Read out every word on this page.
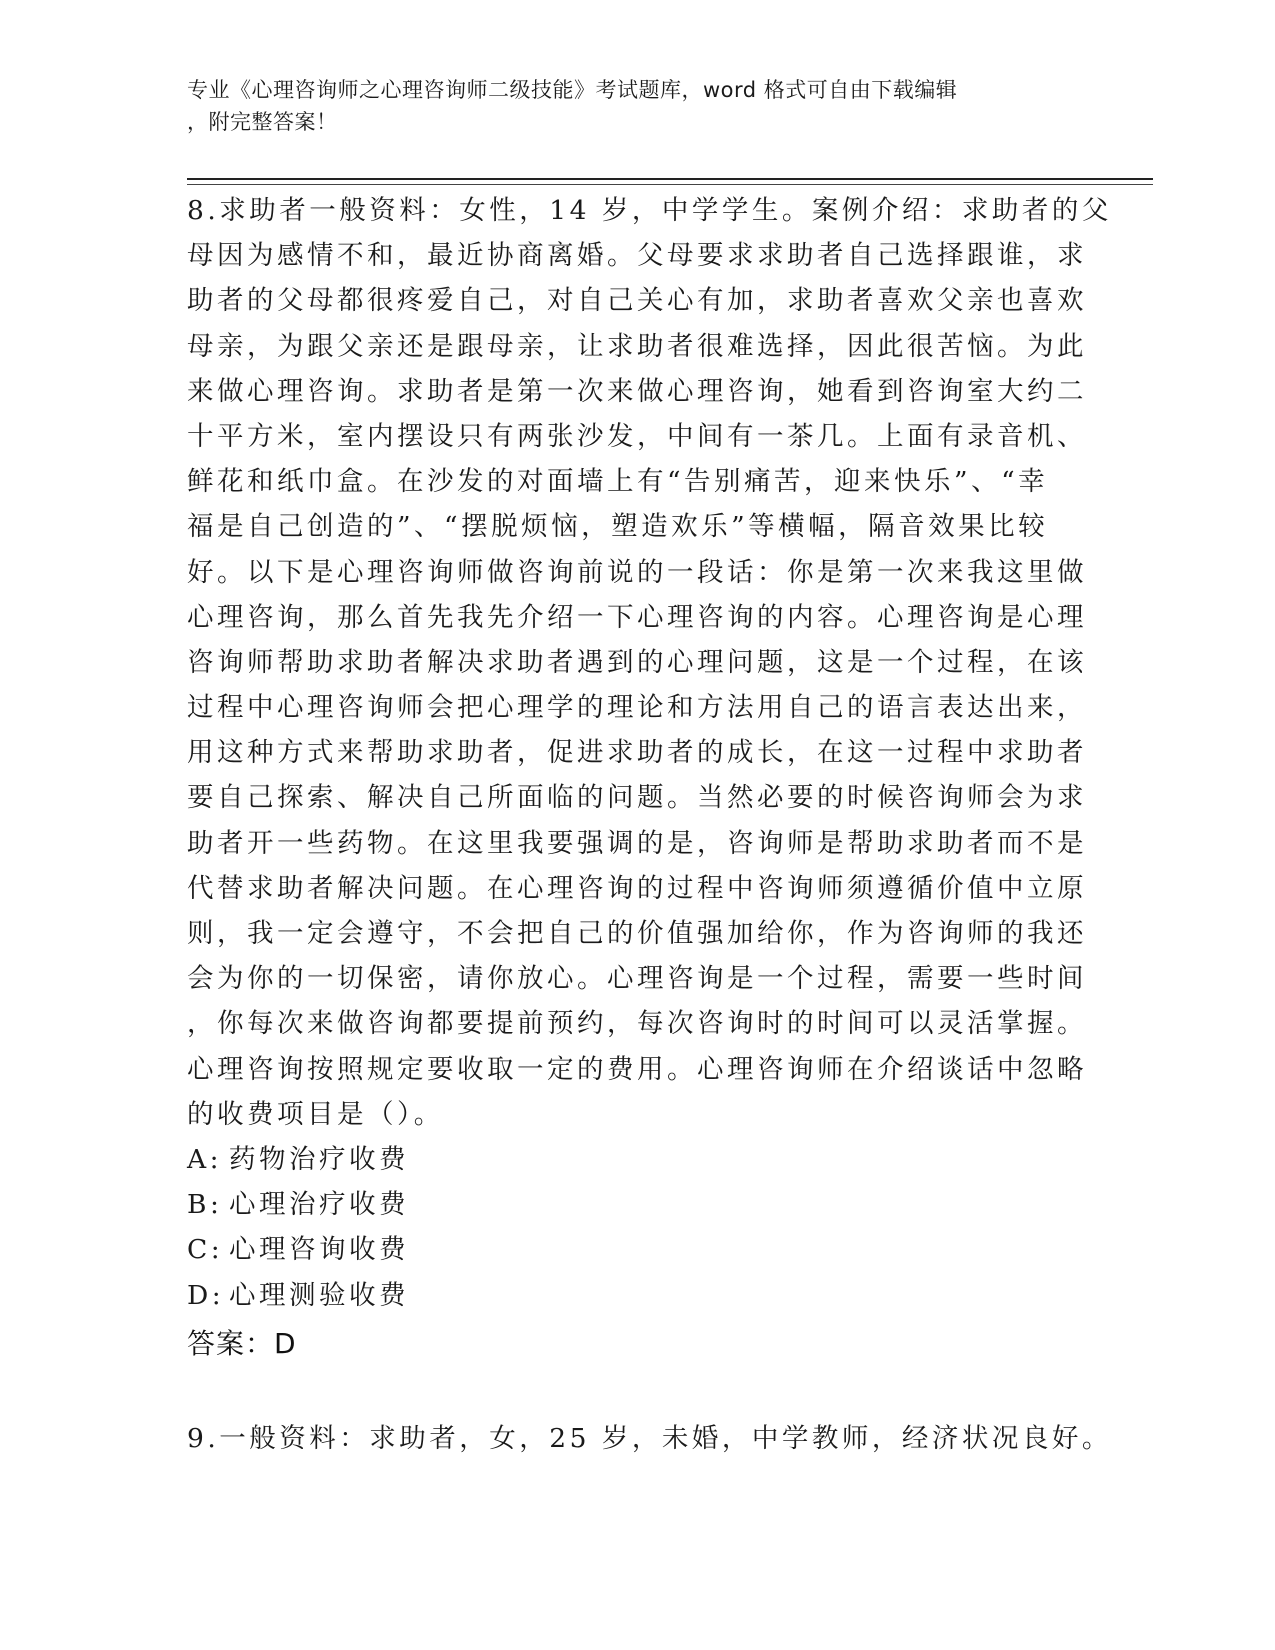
专业《心理咨询师之心理咨询师二级技能》考试题库，word 格式可自由下载编辑
，附完整答案！
8.求助者一般资料：女性，14 岁，中学学生。案例介绍：求助者的父
母因为感情不和，最近协商离婚。父母要求求助者自己选择跟谁，求
助者的父母都很疼爱自己，对自己关心有加，求助者喜欢父亲也喜欢
母亲，为跟父亲还是跟母亲，让求助者很难选择，因此很苦恼。为此
来做心理咨询。求助者是第一次来做心理咨询，她看到咨询室大约二
十平方米，室内摆设只有两张沙发，中间有一茶几。上面有录音机、
鲜花和纸巾盒。在沙发的对面墙上有“告别痛苦，迎来快乐”、“幸
福是自己创造的”、“摆脱烦恼，塑造欢乐”等横幅，隔音效果比较
好。以下是心理咨询师做咨询前说的一段话：你是第一次来我这里做
心理咨询，那么首先我先介绍一下心理咨询的内容。心理咨询是心理
咨询师帮助求助者解决求助者遇到的心理问题，这是一个过程，在该
过程中心理咨询师会把心理学的理论和方法用自己的语言表达出来，
用这种方式来帮助求助者，促进求助者的成长，在这一过程中求助者
要自己探索、解决自己所面临的问题。当然必要的时候咨询师会为求
助者开一些药物。在这里我要强调的是，咨询师是帮助求助者而不是
代替求助者解决问题。在心理咨询的过程中咨询师须遵循价值中立原
则，我一定会遵守，不会把自己的价值强加给你，作为咨询师的我还
会为你的一切保密，请你放心。心理咨询是一个过程，需要一些时间
，你每次来做咨询都要提前预约，每次咨询时的时间可以灵活掌握。
心理咨询按照规定要收取一定的费用。心理咨询师在介绍谈话中忽略
的收费项目是（）。
A: 药物治疗收费
B: 心理治疗收费
C: 心理咨询收费
D: 心理测验收费
答案：D
9.一般资料：求助者，女，25 岁，未婚，中学教师，经济状况良好。
